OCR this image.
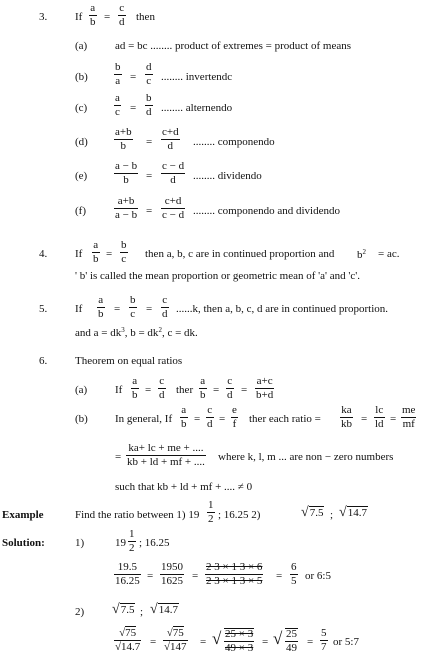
3.	If
a
b =
c
d then
(a)	ad = bc ........ product of extremes = product of means
(b)
b
a =
d
c ........ invertendc
(c)
a
c =
b
d ........ alternendo
(d)
a+b
b =
c+d
d ........ componendo
(e)
a − b
b =
c − d
d ........ dividendo
(f)
a+b
a − b =
c+d
c − d ........ componendo and dividendo
4.	If
a
b =
b
c then a, b, c are in continued proportion and $b^2$ = ac.
' b' is called the mean proportion or geometric mean of 'a' and 'c'.
5.	If
a
b =
b
c =
c
d ......k, then a, b, c, d are in continued proportion.
and $a = dk^3$, $b = dk^2$, c = dk.
6.	Theorem on equal ratios
(a)	If
a
b =
c
d ther
a
b =
c
d =
a+c
b+d
(b) In general, If
a
b =
c
d =
e
f ther each ratio =
ka
kb =
lc
ld =
me
mf
=
ka+ lc + me + ....
kb + ld + mf + .... where k, l, m ... are non − zero numbers
such that kb + ld + mf + .... ≠ 0
Example	Find the ratio between 1) 19
1
2 ; 16.25 2)	√7.5 ; √14.7
Solution:	1)	19
1
2 ; 16.25
19.5
16.25 =
1950
1625 =
2 3 × 1 3 × 6
2 3 × 1 3 × 5 =
6
5 or 6:5
2) √7.5 ; √14.7
√75
√14.7 =
√75
√147 = √ 25 × 3
49 × 3 = √ 25
49 =
5
7 or 5:7
